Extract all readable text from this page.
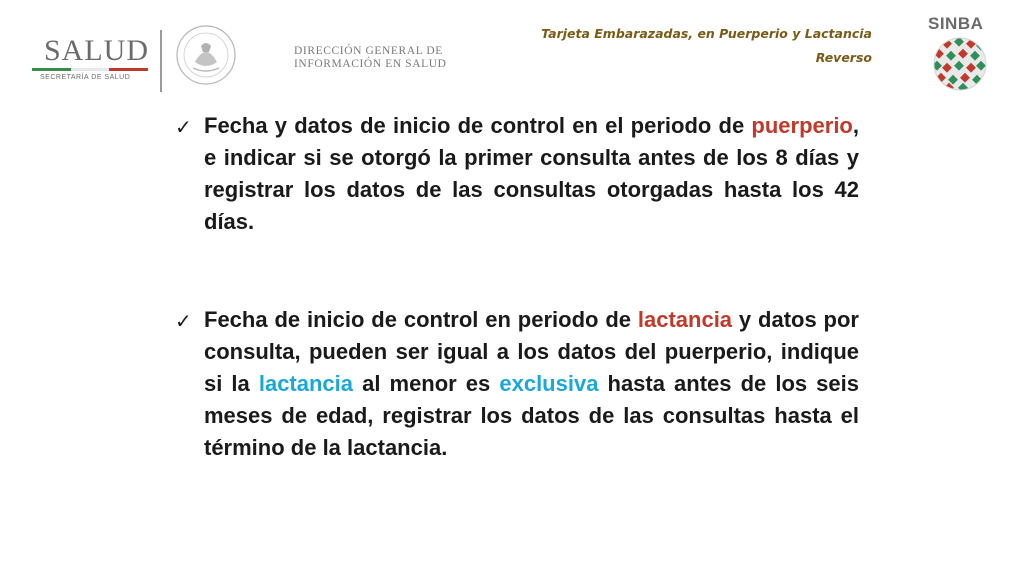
SALUD
SECRETARÍA DE SALUD
DIRECCIÓN GENERAL DE
INFORMACIÓN EN SALUD
Tarjeta Embarazadas, en Puerperio y Lactancia
Reverso
SINBA
✓ Fecha y datos de inicio de control en el periodo de puerperio, e indicar si se otorgó la primer consulta antes de los 8 días y registrar los datos de las consultas otorgadas hasta los 42 días.
✓ Fecha de inicio de control en periodo de lactancia y datos por consulta, pueden ser igual a los datos del puerperio, indique si la lactancia al menor es exclusiva hasta antes de los seis meses de edad, registrar los datos de las consultas hasta el término de la lactancia.
